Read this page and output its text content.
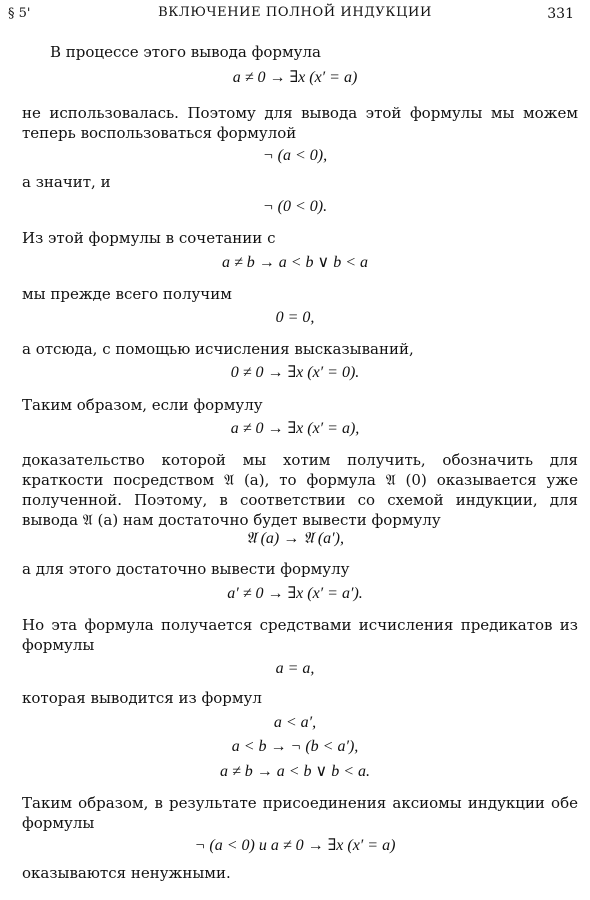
§ 5'	ВКЛЮЧЕНИЕ ПОЛНОЙ ИНДУКЦИИ	331
В процессе этого вывода формула
a ≠ 0 → ∃x (x′ = a)
не использовалась. Поэтому для вывода этой формулы мы можем теперь воспользоваться формулой
¬ (a < 0),
а значит, и
¬ (0 < 0).
Из этой формулы в сочетании с
a ≠ b → a < b ∨ b < a
мы прежде всего получим
0 = 0,
а отсюда, с помощью исчисления высказываний,
0 ≠ 0 → ∃x (x′ = 0).
Таким образом, если формулу
a ≠ 0 → ∃x (x′ = a),
доказательство которой мы хотим получить, обозначить для краткости посредством 𝔄 (a), то формула 𝔄 (0) оказывается уже полученной. Поэтому, в соответствии со схемой индукции, для вывода 𝔄 (a) нам достаточно будет вывести формулу
𝔄 (a) → 𝔄 (a′),
а для этого достаточно вывести формулу
a′ ≠ 0 → ∃x (x′ = a′).
Но эта формула получается средствами исчисления предикатов из формулы
a = a,
которая выводится из формул
a < a′,
a < b → ¬ (b < a′),
a ≠ b → a < b ∨ b < a.
Таким образом, в результате присоединения аксиомы индукции обе формулы
¬ (a < 0) и a ≠ 0 → ∃x (x′ = a)
оказываются ненужными.
